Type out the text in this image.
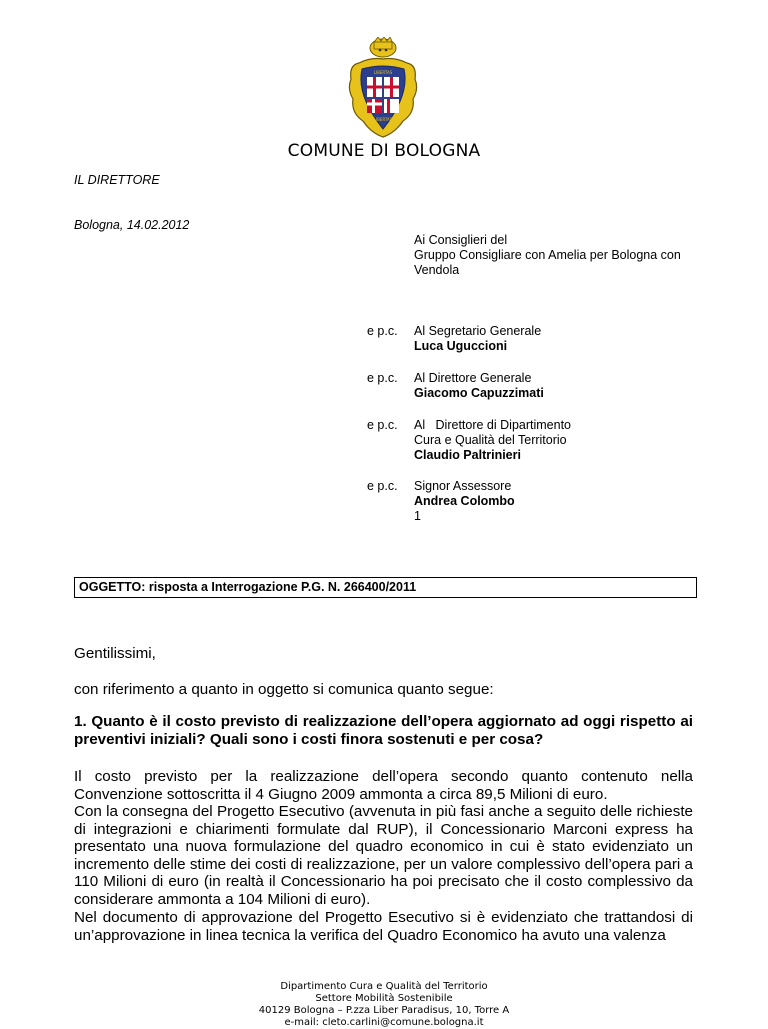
LIBERTAS
LIBERTAS
COMUNE DI BOLOGNA
IL DIRETTORE
Bologna, 14.02.2012
Ai Consiglieri del
Gruppo Consigliare con Amelia per Bologna con
Vendola
e p.c. Al Segretario Generale
Luca Uguccioni
e p.c. Al Direttore Generale
Giacomo Capuzzimati
e p.c. Al   Direttore di Dipartimento
Cura e Qualità del Territorio
Claudio Paltrinieri
e p.c. Signor Assessore
Andrea Colombo
1
OGGETTO: risposta a Interrogazione P.G. N. 266400/2011
Gentilissimi,
con riferimento a quanto in oggetto si comunica quanto segue:
1. Quanto è il costo previsto di realizzazione dell’opera aggiornato ad oggi rispetto ai preventivi iniziali? Quali sono i costi finora sostenuti e per cosa?
Il costo previsto per la realizzazione dell’opera secondo quanto contenuto nella Convenzione sottoscritta il 4 Giugno 2009 ammonta a circa 89,5 Milioni di euro.
Con la consegna del Progetto Esecutivo (avvenuta in più fasi anche a seguito delle richieste di integrazioni e chiarimenti formulate dal RUP), il Concessionario Marconi express ha presentato una nuova formulazione del quadro economico in cui è stato evidenziato un incremento delle stime dei costi di realizzazione, per un valore complessivo dell’opera pari a 110 Milioni di euro (in realtà il Concessionario ha poi precisato che il costo complessivo da considerare ammonta a 104 Milioni di euro).
Nel documento di approvazione del Progetto Esecutivo si è evidenziato che trattandosi di un’approvazione in linea tecnica la verifica del Quadro Economico ha avuto una valenza
Dipartimento Cura e Qualità del Territorio
Settore Mobilità Sostenibile
40129 Bologna – P.zza Liber Paradisus, 10, Torre A
e-mail: cleto.carlini@comune.bologna.it
